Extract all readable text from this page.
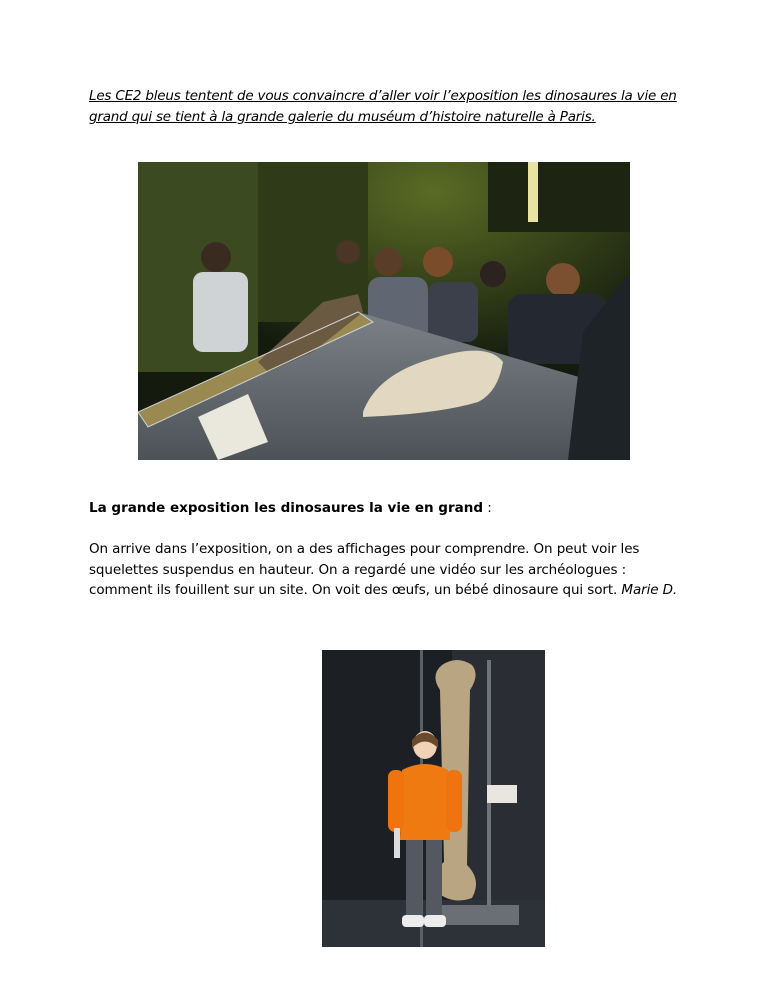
Les CE2 bleus tentent de vous convaincre d’aller voir l’exposition les dinosaures la vie en grand qui se tient à la grande galerie du muséum d’histoire naturelle à Paris.
La grande exposition les dinosaures la vie en grand :
On arrive dans l’exposition, on a des affichages pour comprendre. On peut voir les squelettes suspendus en hauteur. On a regardé une vidéo sur les archéologues : comment ils fouillent sur un site. On voit des œufs, un bébé dinosaure qui sort. Marie D.
